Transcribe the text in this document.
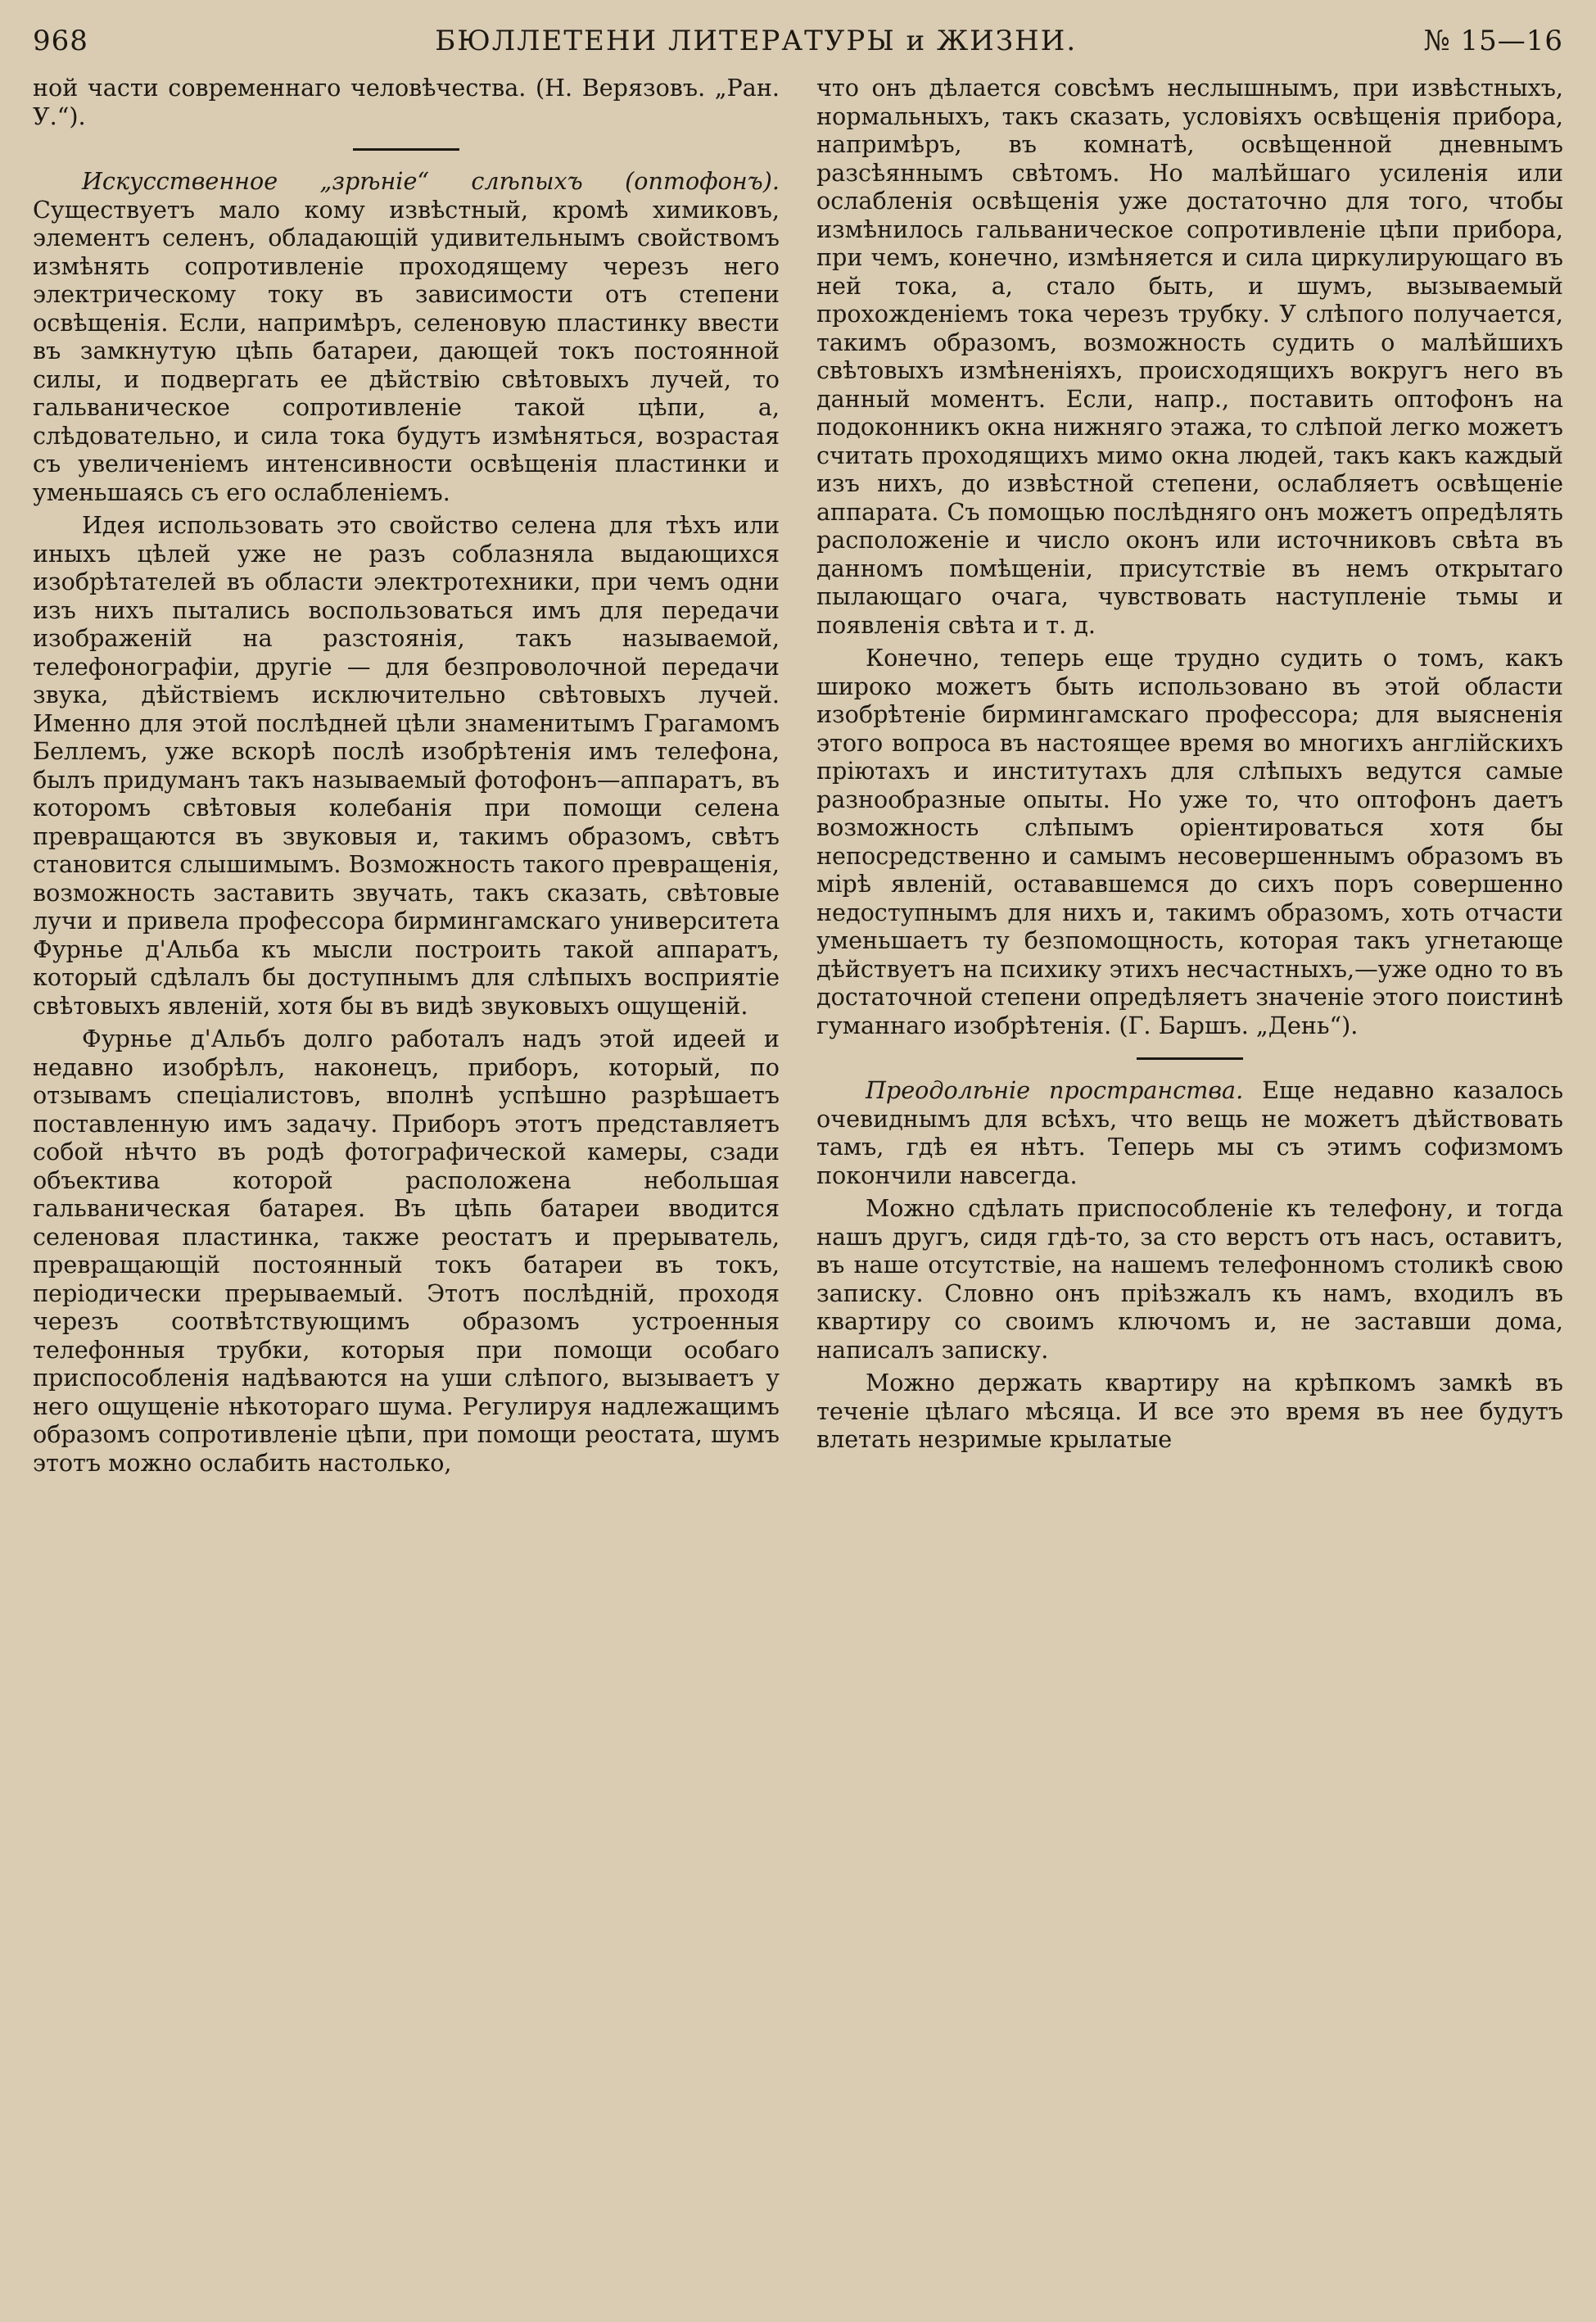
968	БЮЛЛЕТЕНИ ЛИТЕРАТУРЫ и ЖИЗНИ.	№ 15—16

ной части современнаго человѣчества. (Н. Верязовъ. „Ран. У.“).

Искусственное „зрѣніе“ слѣпыхъ (оптофонъ). Существуетъ мало кому извѣстный, кромѣ химиковъ, элементъ селенъ, обладающій удивительнымъ свойствомъ измѣнять сопротивленіе проходящему черезъ него электрическому току въ зависимости отъ степени освѣщенія. Если, напримѣръ, селеновую пластинку ввести въ замкнутую цѣпь батареи, дающей токъ постоянной силы, и подвергать ее дѣйствію свѣтовыхъ лучей, то гальваническое сопротивленіе такой цѣпи, а, слѣдовательно, и сила тока будутъ измѣняться, возрастая съ увеличеніемъ интенсивности освѣщенія пластинки и уменьшаясь съ его ослабленіемъ.

Идея использовать это свойство селена для тѣхъ или иныхъ цѣлей уже не разъ соблазняла выдающихся изобрѣтателей въ области электротехники, при чемъ одни изъ нихъ пытались воспользоваться имъ для передачи изображеній на разстоянія, такъ называемой, телефонографіи, другіе — для безпроволочной передачи звука, дѣйствіемъ исключительно свѣтовыхъ лучей. Именно для этой послѣдней цѣли знаменитымъ Грагамомъ Беллемъ, уже вскорѣ послѣ изобрѣтенія имъ телефона, былъ придуманъ такъ называемый фотофонъ—аппаратъ, въ которомъ свѣтовыя колебанія при помощи селена превращаются въ звуковыя и, такимъ образомъ, свѣтъ становится слышимымъ. Возможность такого превращенія, возможность заставить звучать, такъ сказать, свѣтовые лучи и привела профессора бирмингамскаго университета Фурнье д'Альба къ мысли построить такой аппаратъ, который сдѣлалъ бы доступнымъ для слѣпыхъ восприятіе свѣтовыхъ явленій, хотя бы въ видѣ звуковыхъ ощущеній.

Фурнье д'Альбъ долго работалъ надъ этой идеей и недавно изобрѣлъ, наконецъ, приборъ, который, по отзывамъ спеціалистовъ, вполнѣ успѣшно разрѣшаетъ поставленную имъ задачу. Приборъ этотъ представляетъ собой нѣчто въ родѣ фотографической камеры, сзади объектива которой расположена небольшая гальваническая батарея. Въ цѣпь батареи вводится селеновая пластинка, также реостатъ и прерыватель, превращающій постоянный токъ батареи въ токъ, періодически прерываемый. Этотъ послѣдній, проходя черезъ соотвѣтствующимъ образомъ устроенныя телефонныя трубки, которыя при помощи особаго приспособленія надѣваются на уши слѣпого, вызываетъ у него ощущеніе нѣкотораго шума. Регулируя надлежащимъ образомъ сопротивленіе цѣпи, при помощи реостата, шумъ этотъ можно ослабить настолько,

что онъ дѣлается совсѣмъ неслышнымъ, при извѣстныхъ, нормальныхъ, такъ сказать, условіяхъ освѣщенія прибора, напримѣръ, въ комнатѣ, освѣщенной дневнымъ разсѣяннымъ свѣтомъ. Но малѣйшаго усиленія или ослабленія освѣщенія уже достаточно для того, чтобы измѣнилось гальваническое сопротивленіе цѣпи прибора, при чемъ, конечно, измѣняется и сила циркулирующаго въ ней тока, а, стало быть, и шумъ, вызываемый прохожденіемъ тока черезъ трубку. У слѣпого получается, такимъ образомъ, возможность судить о малѣйшихъ свѣтовыхъ измѣненіяхъ, происходящихъ вокругъ него въ данный моментъ. Если, напр., поставить оптофонъ на подоконникъ окна нижняго этажа, то слѣпой легко можетъ считать проходящихъ мимо окна людей, такъ какъ каждый изъ нихъ, до извѣстной степени, ослабляетъ освѣщеніе аппарата. Съ помощью послѣдняго онъ можетъ опредѣлять расположеніе и число оконъ или источниковъ свѣта въ данномъ помѣщеніи, присутствіе въ немъ открытаго пылающаго очага, чувствовать наступленіе тьмы и появленія свѣта и т. д.

Конечно, теперь еще трудно судить о томъ, какъ широко можетъ быть использовано въ этой области изобрѣтеніе бирмингамскаго профессора; для выясненія этого вопроса въ настоящее время во многихъ англійскихъ пріютахъ и институтахъ для слѣпыхъ ведутся самые разнообразные опыты. Но уже то, что оптофонъ даетъ возможность слѣпымъ оріентироваться хотя бы непосредственно и самымъ несовершеннымъ образомъ въ мірѣ явленій, остававшемся до сихъ поръ совершенно недоступнымъ для нихъ и, такимъ образомъ, хоть отчасти уменьшаетъ ту безпомощность, которая такъ угнетающе дѣйствуетъ на психику этихъ несчастныхъ,—уже одно то въ достаточной степени опредѣляетъ значеніе этого поистинѣ гуманнаго изобрѣтенія. (Г. Баршъ. „День“).

Преодолѣніе пространства. Еще недавно казалось очевиднымъ для всѣхъ, что вещь не можетъ дѣйствовать тамъ, гдѣ ея нѣтъ. Теперь мы съ этимъ софизмомъ покончили навсегда.

Можно сдѣлать приспособленіе къ телефону, и тогда нашъ другъ, сидя гдѣ-то, за сто верстъ отъ насъ, оставитъ, въ наше отсутствіе, на нашемъ телефонномъ столикѣ свою записку. Словно онъ пріѣзжалъ къ намъ, входилъ въ квартиру со своимъ ключомъ и, не заставши дома, написалъ записку.

Можно держать квартиру на крѣпкомъ замкѣ въ теченіе цѣлаго мѣсяца. И все это время въ нее будутъ влетать незримые крылатые
